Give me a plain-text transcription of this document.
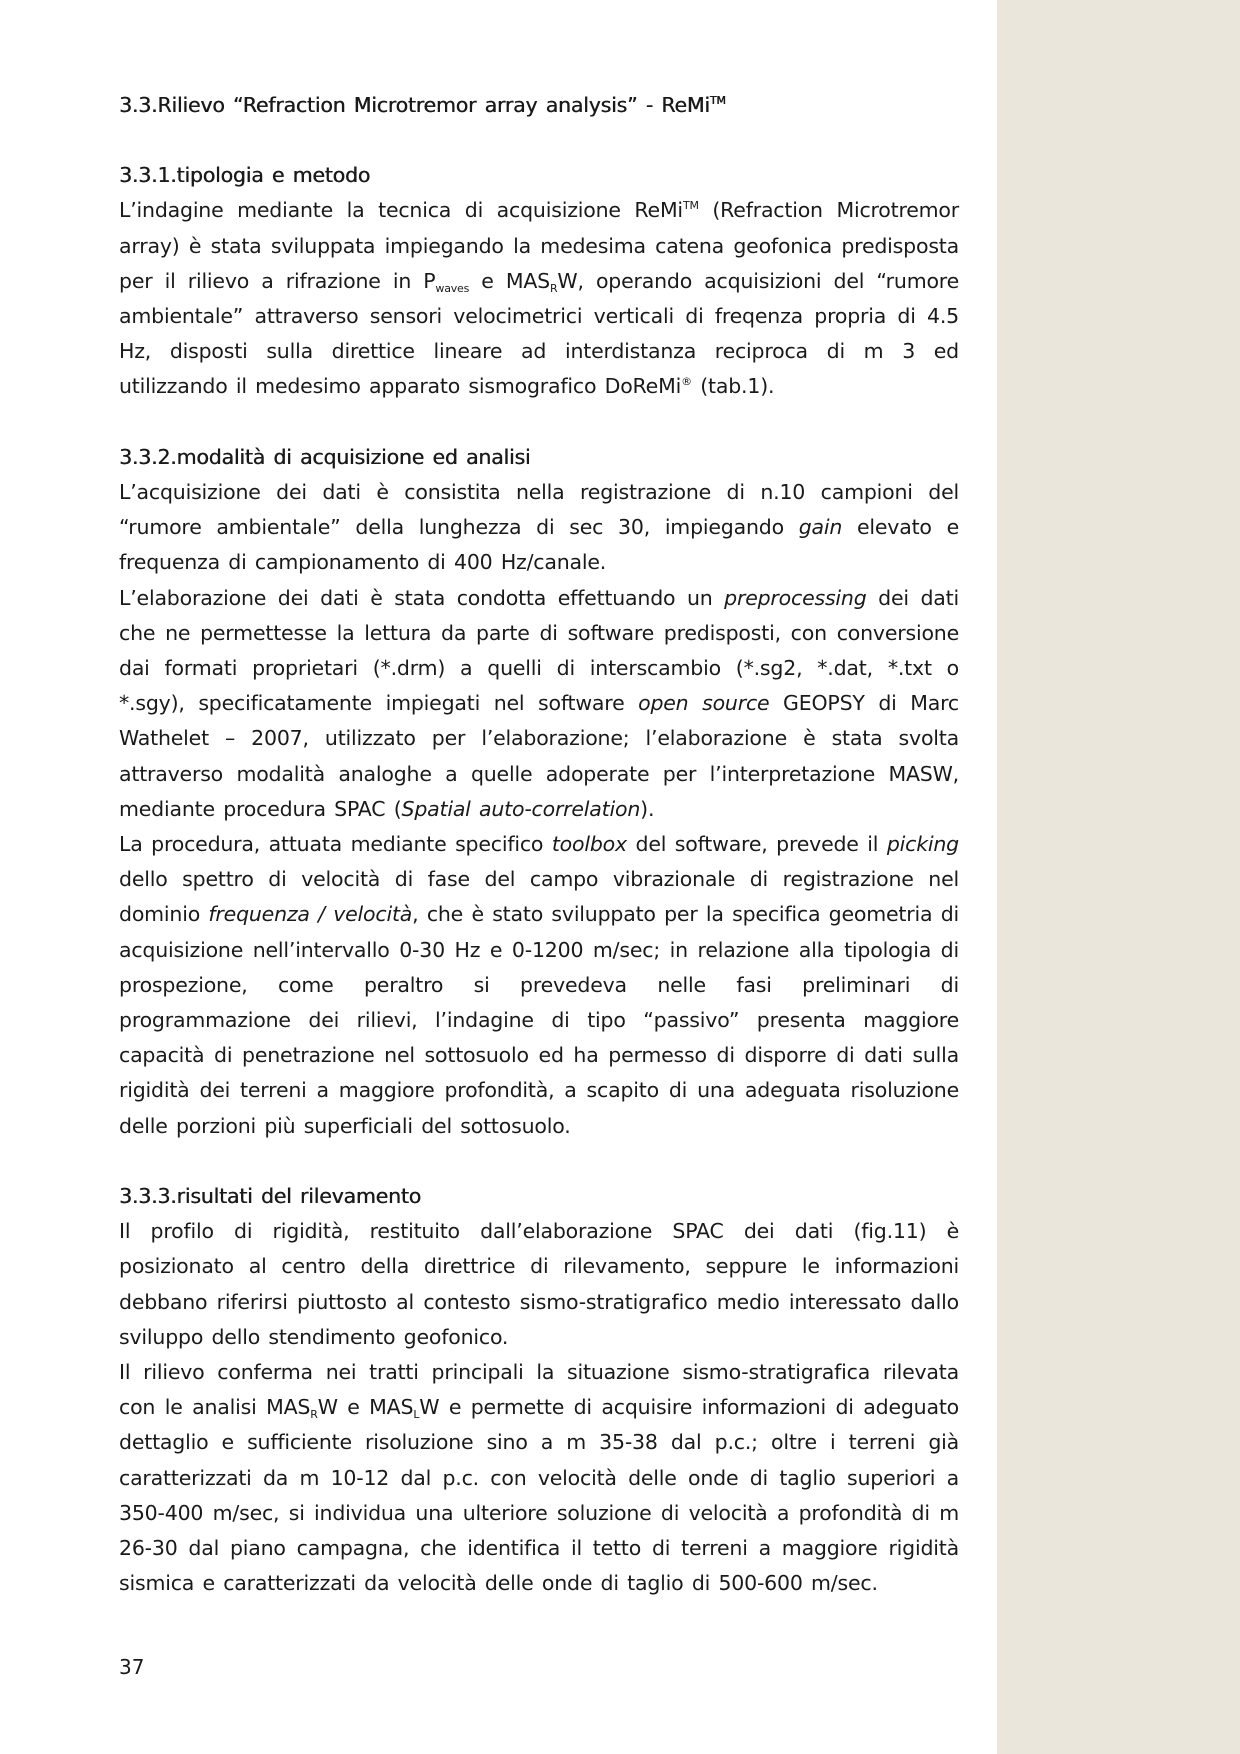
3.3.Rilievo “Refraction Microtremor array analysis” - ReMi™
3.3.1.tipologia e metodo

L’indagine mediante la tecnica di acquisizione ReMi™ (Refraction Microtremor array) è stata sviluppata impiegando la medesima catena geofonica predisposta per il rilievo a rifrazione in $P_{waves}$ e $MAS_RW$, operando acquisizioni del “rumore ambientale” attraverso sensori velocimetrici verticali di freqenza propria di 4.5 Hz, disposti sulla direttice lineare ad interdistanza reciproca di m 3 ed utilizzando il medesimo apparato sismografico DoReMi® (tab.1).

3.3.2.modalità di acquisizione ed analisi

L’acquisizione dei dati è consistita nella registrazione di n.10 campioni del “rumore ambientale” della lunghezza di sec 30, impiegando gain elevato e frequenza di campionamento di 400 Hz/canale.

L’elaborazione dei dati è stata condotta effettuando un preprocessing dei dati che ne permettesse la lettura da parte di software predisposti, con conversione dai formati proprietari (*.drm) a quelli di interscambio (*.sg2, *.dat, *.txt o *.sgy), specificatamente impiegati nel software open source GEOPSY di Marc Wathelet – 2007, utilizzato per l’elaborazione; l’elaborazione è stata svolta attraverso modalità analoghe a quelle adoperate per l’interpretazione MASW, mediante procedura SPAC (Spatial auto-correlation).

La procedura, attuata mediante specifico toolbox del software, prevede il picking dello spettro di velocità di fase del campo vibrazionale di registrazione nel dominio frequenza / velocità, che è stato sviluppato per la specifica geometria di acquisizione nell’intervallo 0-30 Hz e 0-1200 m/sec; in relazione alla tipologia di prospezione, come peraltro si prevedeva nelle fasi preliminari di programmazione dei rilievi, l’indagine di tipo “passivo” presenta maggiore capacità di penetrazione nel sottosuolo ed ha permesso di disporre di dati sulla rigidità dei terreni a maggiore profondità, a scapito di una adeguata risoluzione delle porzioni più superficiali del sottosuolo.

3.3.3.risultati del rilevamento

Il profilo di rigidità, restituito dall’elaborazione SPAC dei dati (fig.11) è posizionato al centro della direttrice di rilevamento, seppure le informazioni debbano riferirsi piuttosto al contesto sismo-stratigrafico medio interessato dallo sviluppo dello stendimento geofonico.

Il rilievo conferma nei tratti principali la situazione sismo-stratigrafica rilevata con le analisi $MAS_RW$ e $MAS_LW$ e permette di acquisire informazioni di adeguato dettaglio e sufficiente risoluzione sino a m 35-38 dal p.c.; oltre i terreni già caratterizzati da m 10-12 dal p.c. con velocità delle onde di taglio superiori a 350-400 m/sec, si individua una ulteriore soluzione di velocità a profondità di m 26-30 dal piano campagna, che identifica il tetto di terreni a maggiore rigidità sismica e caratterizzati da velocità delle onde di taglio di 500-600 m/sec.

37
